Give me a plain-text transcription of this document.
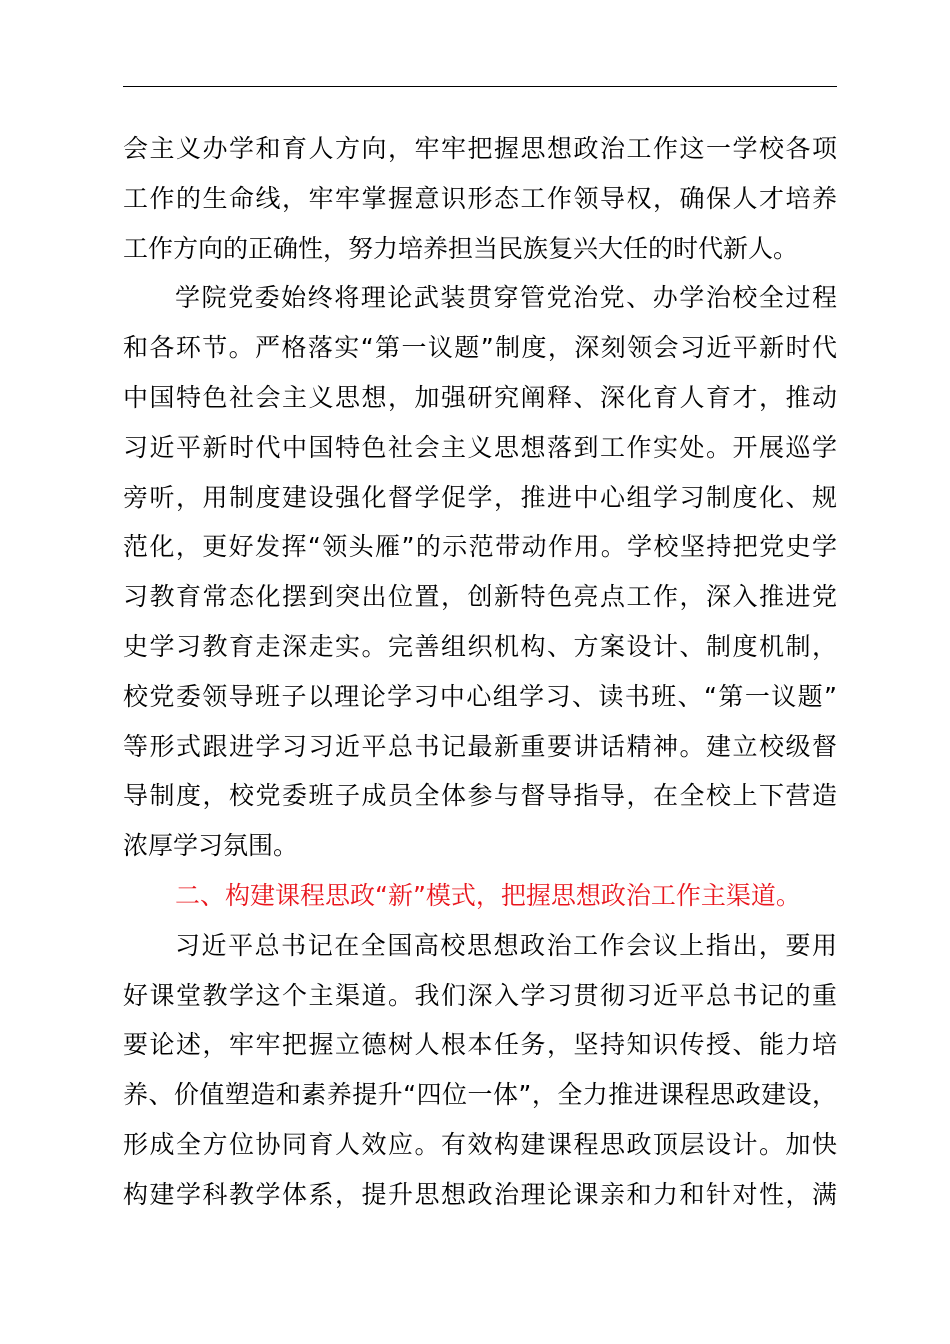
会主义办学和育人方向，牢牢把握思想政治工作这一学校各项
工作的生命线，牢牢掌握意识形态工作领导权，确保人才培养
工作方向的正确性，努力培养担当民族复兴大任的时代新人。
学院党委始终将理论武装贯穿管党治党、办学治校全过程
和各环节。严格落实“第一议题”制度，深刻领会习近平新时代
中国特色社会主义思想，加强研究阐释、深化育人育才，推动
习近平新时代中国特色社会主义思想落到工作实处。开展巡学
旁听，用制度建设强化督学促学，推进中心组学习制度化、规
范化，更好发挥“领头雁”的示范带动作用。学校坚持把党史学
习教育常态化摆到突出位置，创新特色亮点工作，深入推进党
史学习教育走深走实。完善组织机构、方案设计、制度机制，
校党委领导班子以理论学习中心组学习、读书班、“第一议题”
等形式跟进学习习近平总书记最新重要讲话精神。建立校级督
导制度，校党委班子成员全体参与督导指导，在全校上下营造
浓厚学习氛围。
二、构建课程思政“新”模式，把握思想政治工作主渠道。
习近平总书记在全国高校思想政治工作会议上指出，要用
好课堂教学这个主渠道。我们深入学习贯彻习近平总书记的重
要论述，牢牢把握立德树人根本任务，坚持知识传授、能力培
养、价值塑造和素养提升“四位一体”，全力推进课程思政建设，
形成全方位协同育人效应。有效构建课程思政顶层设计。加快
构建学科教学体系，提升思想政治理论课亲和力和针对性，满
